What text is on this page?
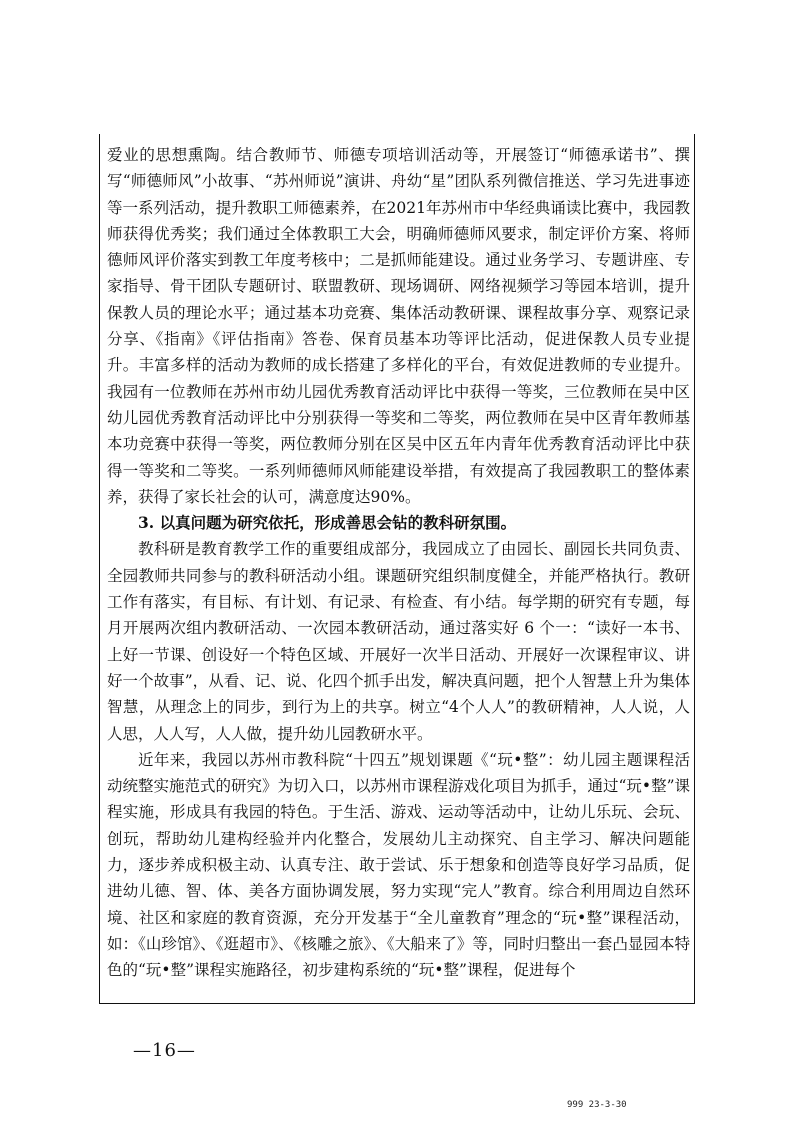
爱业的思想熏陶。结合教师节、师德专项培训活动等，开展签订“师德承诺书”、撰写“师德师风”小故事、“苏州师说”演讲、舟幼“星”团队系列微信推送、学习先进事迹等一系列活动，提升教职工师德素养，在2021年苏州市中华经典诵读比赛中，我园教师获得优秀奖；我们通过全体教职工大会，明确师德师风要求，制定评价方案、将师德师风评价落实到教工年度考核中；二是抓师能建设。通过业务学习、专题讲座、专家指导、骨干团队专题研讨、联盟教研、现场调研、网络视频学习等园本培训，提升保教人员的理论水平；通过基本功竞赛、集体活动教研课、课程故事分享、观察记录分享、《指南》《评估指南》答卷、保育员基本功等评比活动，促进保教人员专业提升。丰富多样的活动为教师的成长搭建了多样化的平台，有效促进教师的专业提升。我园有一位教师在苏州市幼儿园优秀教育活动评比中获得一等奖，三位教师在吴中区幼儿园优秀教育活动评比中分别获得一等奖和二等奖，两位教师在吴中区青年教师基本功竞赛中获得一等奖，两位教师分别在区吴中区五年内青年优秀教育活动评比中获得一等奖和二等奖。一系列师德师风师能建设举措，有效提高了我园教职工的整体素养，获得了家长社会的认可，满意度达90%。

3. 以真问题为研究依托，形成善思会钻的教科研氛围。

教科研是教育教学工作的重要组成部分，我园成立了由园长、副园长共同负责、全园教师共同参与的教科研活动小组。课题研究组织制度健全，并能严格执行。教研工作有落实，有目标、有计划、有记录、有检查、有小结。每学期的研究有专题，每月开展两次组内教研活动、一次园本教研活动，通过落实好 6 个一：“读好一本书、上好一节课、创设好一个特色区域、开展好一次半日活动、开展好一次课程审议、讲好一个故事”，从看、记、说、化四个抓手出发，解决真问题，把个人智慧上升为集体智慧，从理念上的同步，到行为上的共享。树立“4个人人”的教研精神，人人说，人人思，人人写，人人做，提升幼儿园教研水平。

近年来，我园以苏州市教科院“十四五”规划课题《“玩•整”：幼儿园主题课程活动统整实施范式的研究》为切入口，以苏州市课程游戏化项目为抓手，通过“玩•整”课程实施，形成具有我园的特色。于生活、游戏、运动等活动中，让幼儿乐玩、会玩、创玩，帮助幼儿建构经验并内化整合，发展幼儿主动探究、自主学习、解决问题能力，逐步养成积极主动、认真专注、敢于尝试、乐于想象和创造等良好学习品质，促进幼儿德、智、体、美各方面协调发展，努力实现“完人”教育。综合利用周边自然环境、社区和家庭的教育资源，充分开发基于“全儿童教育”理念的“玩•整”课程活动，如：《山珍馆》、《逛超市》、《核雕之旅》、《大船来了》等，同时归整出一套凸显园本特色的“玩•整”课程实施路径，初步建构系统的“玩•整”课程，促进每个

—16—
999 23-3-30
